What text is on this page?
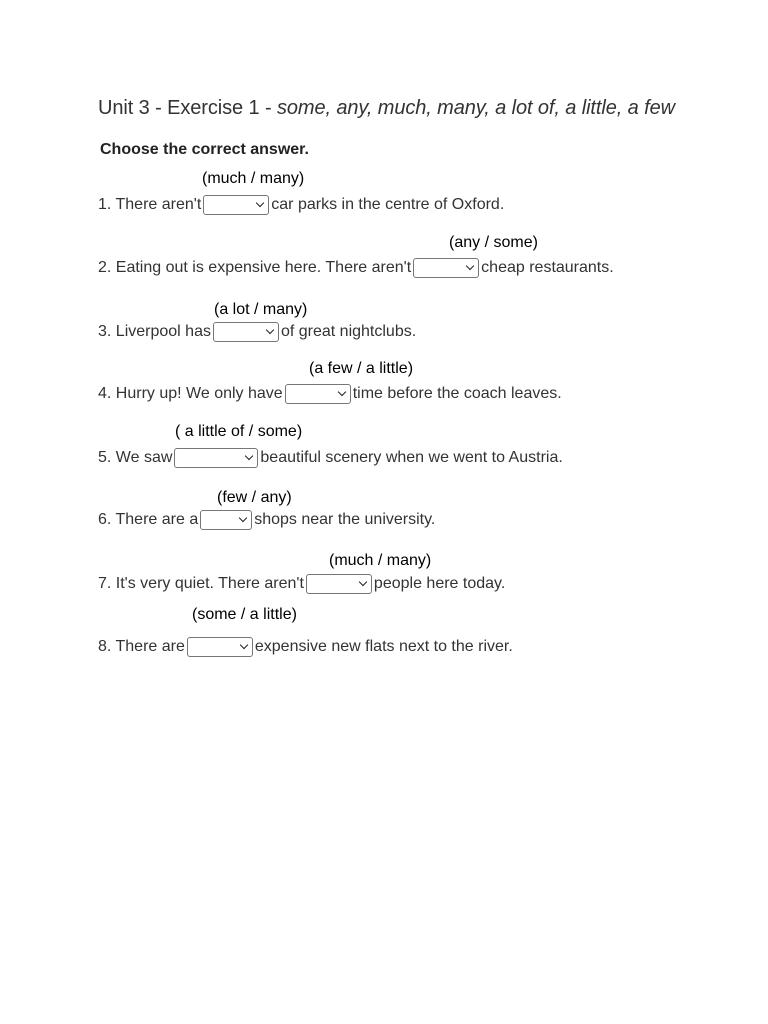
Unit 3 - Exercise 1 - some, any, much, many, a lot of, a little, a few
Choose the correct answer.
(much / many)
1. There aren't	car parks in the centre of Oxford.
(any / some)
2. Eating out is expensive here. There aren't	cheap restaurants.
(a lot / many)
3. Liverpool has	of great nightclubs.
(a few / a little)
4. Hurry up! We only have	time before the coach leaves.
( a little of / some)
5. We saw	beautiful scenery when we went to Austria.
(few / any)
6. There are a	shops near the university.
(much / many)
7. It's very quiet. There aren't	people here today.
(some / a little)
8. There are	expensive new flats next to the river.
